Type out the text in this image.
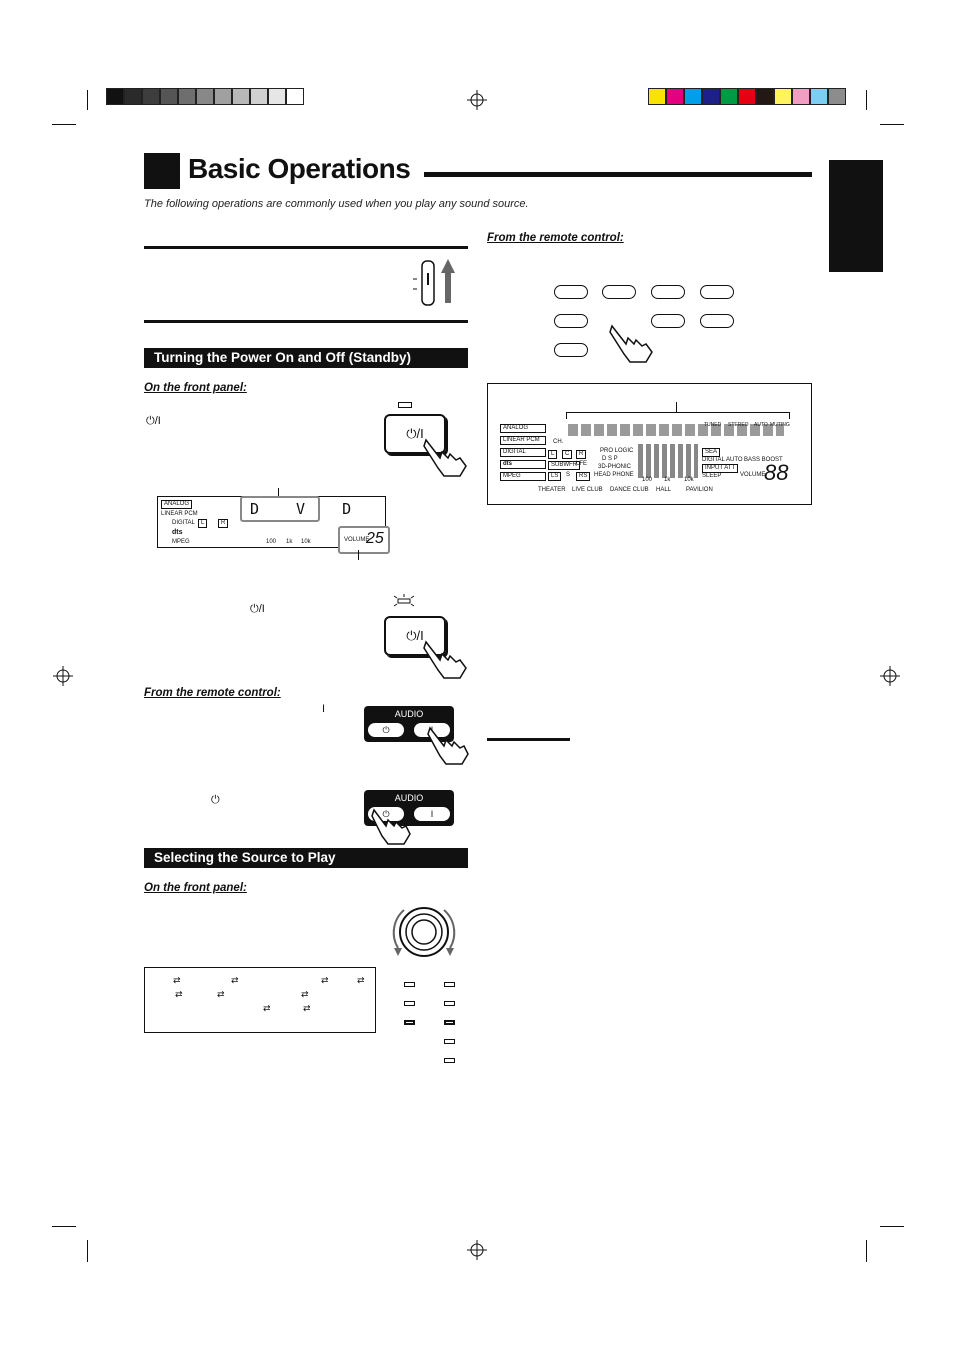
Basic Operations
The following operations are commonly used when you play any sound source.
Turning the Power On and Off (Standby)
On the front panel:
⏻/I
⏻/I
ANALOG
LINEAR PCM
DIGITAL	L	R
dts
MPEG
D V D
100 1k 10k	VOLUME
25
⏻/I
⏻/I
From the remote control:
I	AUDIO
⏻
⏻	AUDIO
⏻	I
Selecting the Source to Play
On the front panel:
⇄	⇄	⇄	⇄
⇄	⇄	⇄
⇄	⇄
From the remote control:
ANALOG
LINEAR PCM
DIGITAL
dts
MPEG
CH.
L	C	R
SUBWFR LFE
LS	S	RS
PRO LOGIC
D S P
3D-PHONIC
HEAD PHONE
100 1k 10k
TUNED STEREO AUTO MUTING
SEA
DIGITAL AUTO BASS BOOST
INPUT ATT
SLEEP	VOLUME
88
THEATER LIVE CLUB DANCE CLUB HALL PAVILION
